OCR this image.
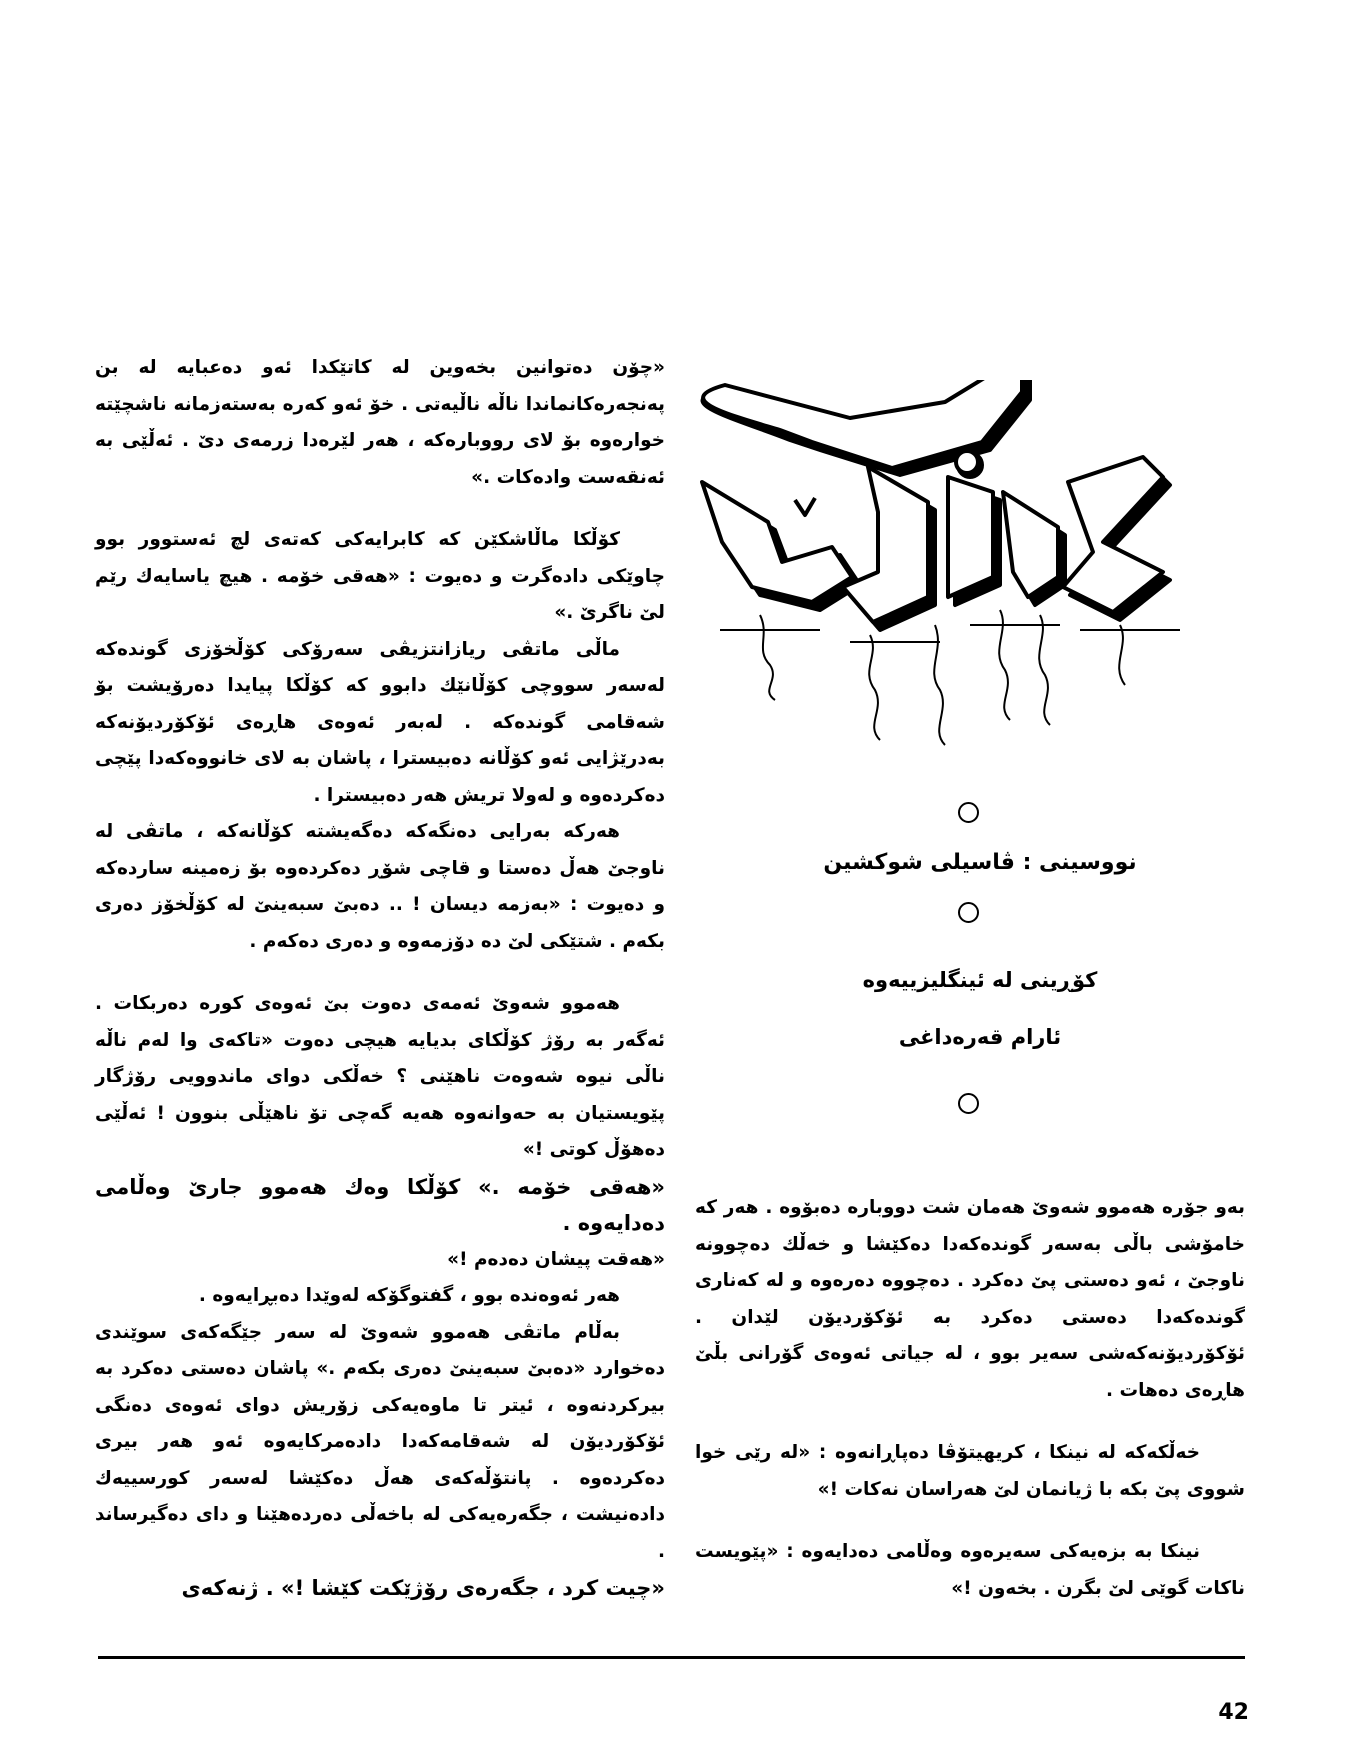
نووسینی : ڤاسیلی شوکشین
کۆڕینی لە ئینگلیزییەوە
ئارام قەرەداغی

«چۆن دەتوانین بخەوین لە کاتێکدا ئەو دەعبایە لە بن پەنجەرەکانماندا ناڵە ناڵیەتی . خۆ ئەو کەرە بەستەزمانە ناشچێتە خوارەوە بۆ لای رووبارەکە ، هەر لێرەدا زرمەی دێ . ئەڵێی بە ئەنقەست وادەکات .»

کۆڵکا ماڵاشکێن کە کابرایەکی کەتەی لچ ئەستوور بوو چاوێکی دادەگرت و دەیوت : «هەقی خۆمە . هیچ یاسایەك رێم لێ ناگرێ .»

ماڵی ماتڤی ریازانتزیڤی سەرۆکی کۆڵخۆزی گوندەکە لەسەر سووچی کۆڵانێك دابوو کە کۆڵکا پیایدا دەرۆیشت بۆ شەقامی گوندەکە . لەبەر ئەوەی هاڕەی ئۆکۆردیۆنەکە بەدرێژایی ئەو کۆڵانە دەبیسترا ، پاشان بە لای خانووەکەدا پێچی دەکردەوە و لەولا تریش هەر دەبیسترا .

هەرکە بەرایی دەنگەکە دەگەیشتە کۆڵانەکە ، ماتڤی لە ناوجێ هەڵ دەستا و قاچی شۆڕ دەکردەوە بۆ زەمینە ساردەکە و دەیوت : «بەزمە دیسان ! .. دەبێ سبەینێ لە کۆڵخۆز دەری بکەم . شتێکی لێ دە دۆزمەوە و دەری دەکەم .

هەموو شەوێ ئەمەی دەوت بێ ئەوەی کورە دەربکات . ئەگەر بە رۆژ کۆڵکای بدیایە هیچی دەوت «تاکەی وا لەم ناڵە ناڵی نیوە شەوەت ناهێنی ؟ خەڵکی دوای ماندوویی رۆژگار پێویستیان بە حەوانەوە هەیە گەچی تۆ ناهێڵی بنوون ! ئەڵێی دەهۆڵ کوتی !»

«هەقی خۆمە .» کۆڵکا وەك هەموو جارێ وەڵامی دەدایەوە .

«هەقت پیشان دەدەم !»

هەر ئەوەندە بوو ، گفتوگۆکە لەوێدا دەبڕایەوە .

بەڵام ماتڤی هەموو شەوێ لە سەر جێگەکەی سوێندی دەخوارد «دەبێ سبەینێ دەری بکەم .» پاشان دەستی دەکرد بە بیرکردنەوە ، ئیتر تا ماوەیەکی زۆریش دوای ئەوەی دەنگی ئۆکۆردیۆن لە شەقامەکەدا دادەمرکایەوە ئەو هەر بیری دەکردەوە . پانتۆڵەکەی هەڵ دەکێشا لەسەر کورسییەك دادەنیشت ، جگەرەیەکی لە باخەڵی دەردەهێنا و دای دەگیرساند .

«چیت کرد ، جگەرەی رۆژێکت کێشا !» . ژنەکەی

بەو جۆرە هەموو شەوێ هەمان شت دووبارە دەبۆوە . هەر کە خامۆشی باڵی بەسەر گوندەکەدا دەکێشا و خەڵك دەچوونە ناوجێ ، ئەو دەستی پێ دەکرد . دەچووە دەرەوە و لە کەناری گوندەکەدا دەستی دەکرد بە ئۆکۆردیۆن لێدان . ئۆکۆردیۆنەکەشی سەیر بوو ، لە جیاتی ئەوەی گۆرانی بڵێ هاڕەی دەهات .

خەڵکەکە لە نینکا ، کریهیتۆڤا دەپاڕانەوە : «لە رێی خوا شووی پێ بکە با ژیانمان لێ هەراسان نەکات !»

نینکا بە بزەیەکی سەیرەوە وەڵامی دەدایەوە : «پێویست ناکات گوێی لێ بگرن . بخەون !»

42
